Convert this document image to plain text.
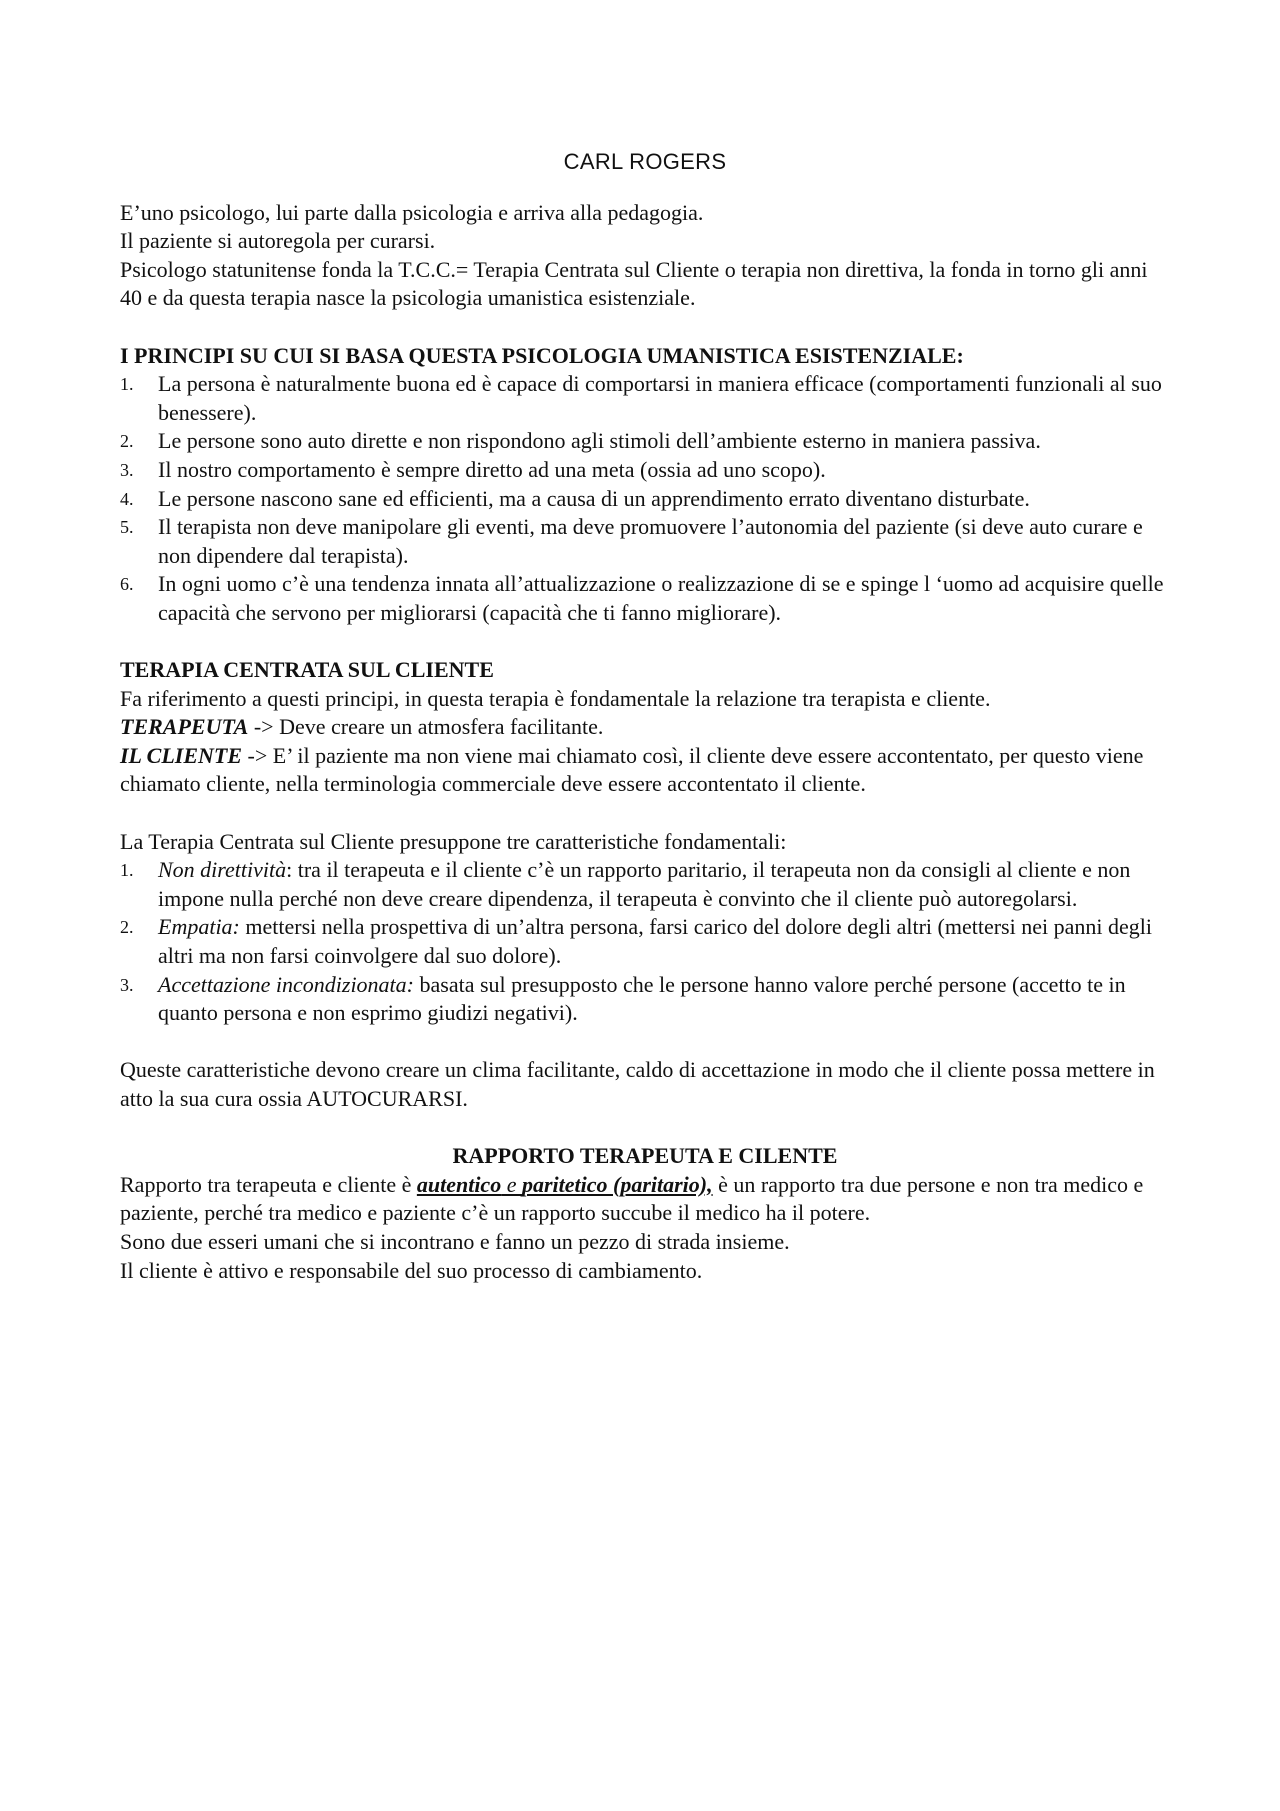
CARL ROGERS

E’uno psicologo, lui parte dalla psicologia e arriva alla pedagogia.

Il paziente si autoregola per curarsi.

Psicologo statunitense fonda la T.C.C.= Terapia Centrata sul Cliente o terapia non direttiva, la fonda in torno gli anni 40 e da questa terapia nasce la psicologia umanistica esistenziale.

I PRINCIPI SU CUI SI BASA QUESTA PSICOLOGIA UMANISTICA ESISTENZIALE:

1. La persona è naturalmente buona ed è capace di comportarsi in maniera efficace (comportamenti funzionali al suo benessere).
2. Le persone sono auto dirette e non rispondono agli stimoli dell’ambiente esterno in maniera passiva.
3. Il nostro comportamento è sempre diretto ad una meta (ossia ad uno scopo).
4. Le persone nascono sane ed efficienti, ma a causa di un apprendimento errato diventano disturbate.
5. Il terapista non deve manipolare gli eventi, ma deve promuovere l’autonomia del paziente (si deve auto curare e non dipendere dal terapista).
6. In ogni uomo c’è una tendenza innata all’attualizzazione o realizzazione di se e spinge l ‘uomo ad acquisire quelle capacità che servono per migliorarsi (capacità che ti fanno migliorare).

TERAPIA CENTRATA SUL CLIENTE

Fa riferimento a questi principi, in questa terapia è fondamentale la relazione tra terapista e cliente.

TERAPEUTA -> Deve creare un atmosfera facilitante.

IL CLIENTE -> E’ il paziente ma non viene mai chiamato così, il cliente deve essere accontentato, per questo viene chiamato cliente, nella terminologia commerciale deve essere accontentato il cliente.

La Terapia Centrata sul Cliente presuppone tre caratteristiche fondamentali:

1. Non direttività: tra il terapeuta e il cliente c’è un rapporto paritario, il terapeuta non da consigli al cliente e non impone nulla perché non deve creare dipendenza, il terapeuta è convinto che il cliente può autoregolarsi.
2. Empatia: mettersi nella prospettiva di un’altra persona, farsi carico del dolore degli altri (mettersi nei panni degli altri ma non farsi coinvolgere dal suo dolore).
3. Accettazione incondizionata: basata sul presupposto che le persone hanno valore perché persone (accetto te in quanto persona e non esprimo giudizi negativi).

Queste caratteristiche devono creare un clima facilitante, caldo di accettazione in modo che il cliente possa mettere in atto la sua cura ossia AUTOCURARSI.

RAPPORTO TERAPEUTA E CILENTE

Rapporto tra terapeuta e cliente è autentico e paritetico (paritario), è un rapporto tra due persone e non tra medico e paziente, perché tra medico e paziente c’è un rapporto succube il medico ha il potere.

Sono due esseri umani che si incontrano e fanno un pezzo di strada insieme.

Il cliente è attivo e responsabile del suo processo di cambiamento.
